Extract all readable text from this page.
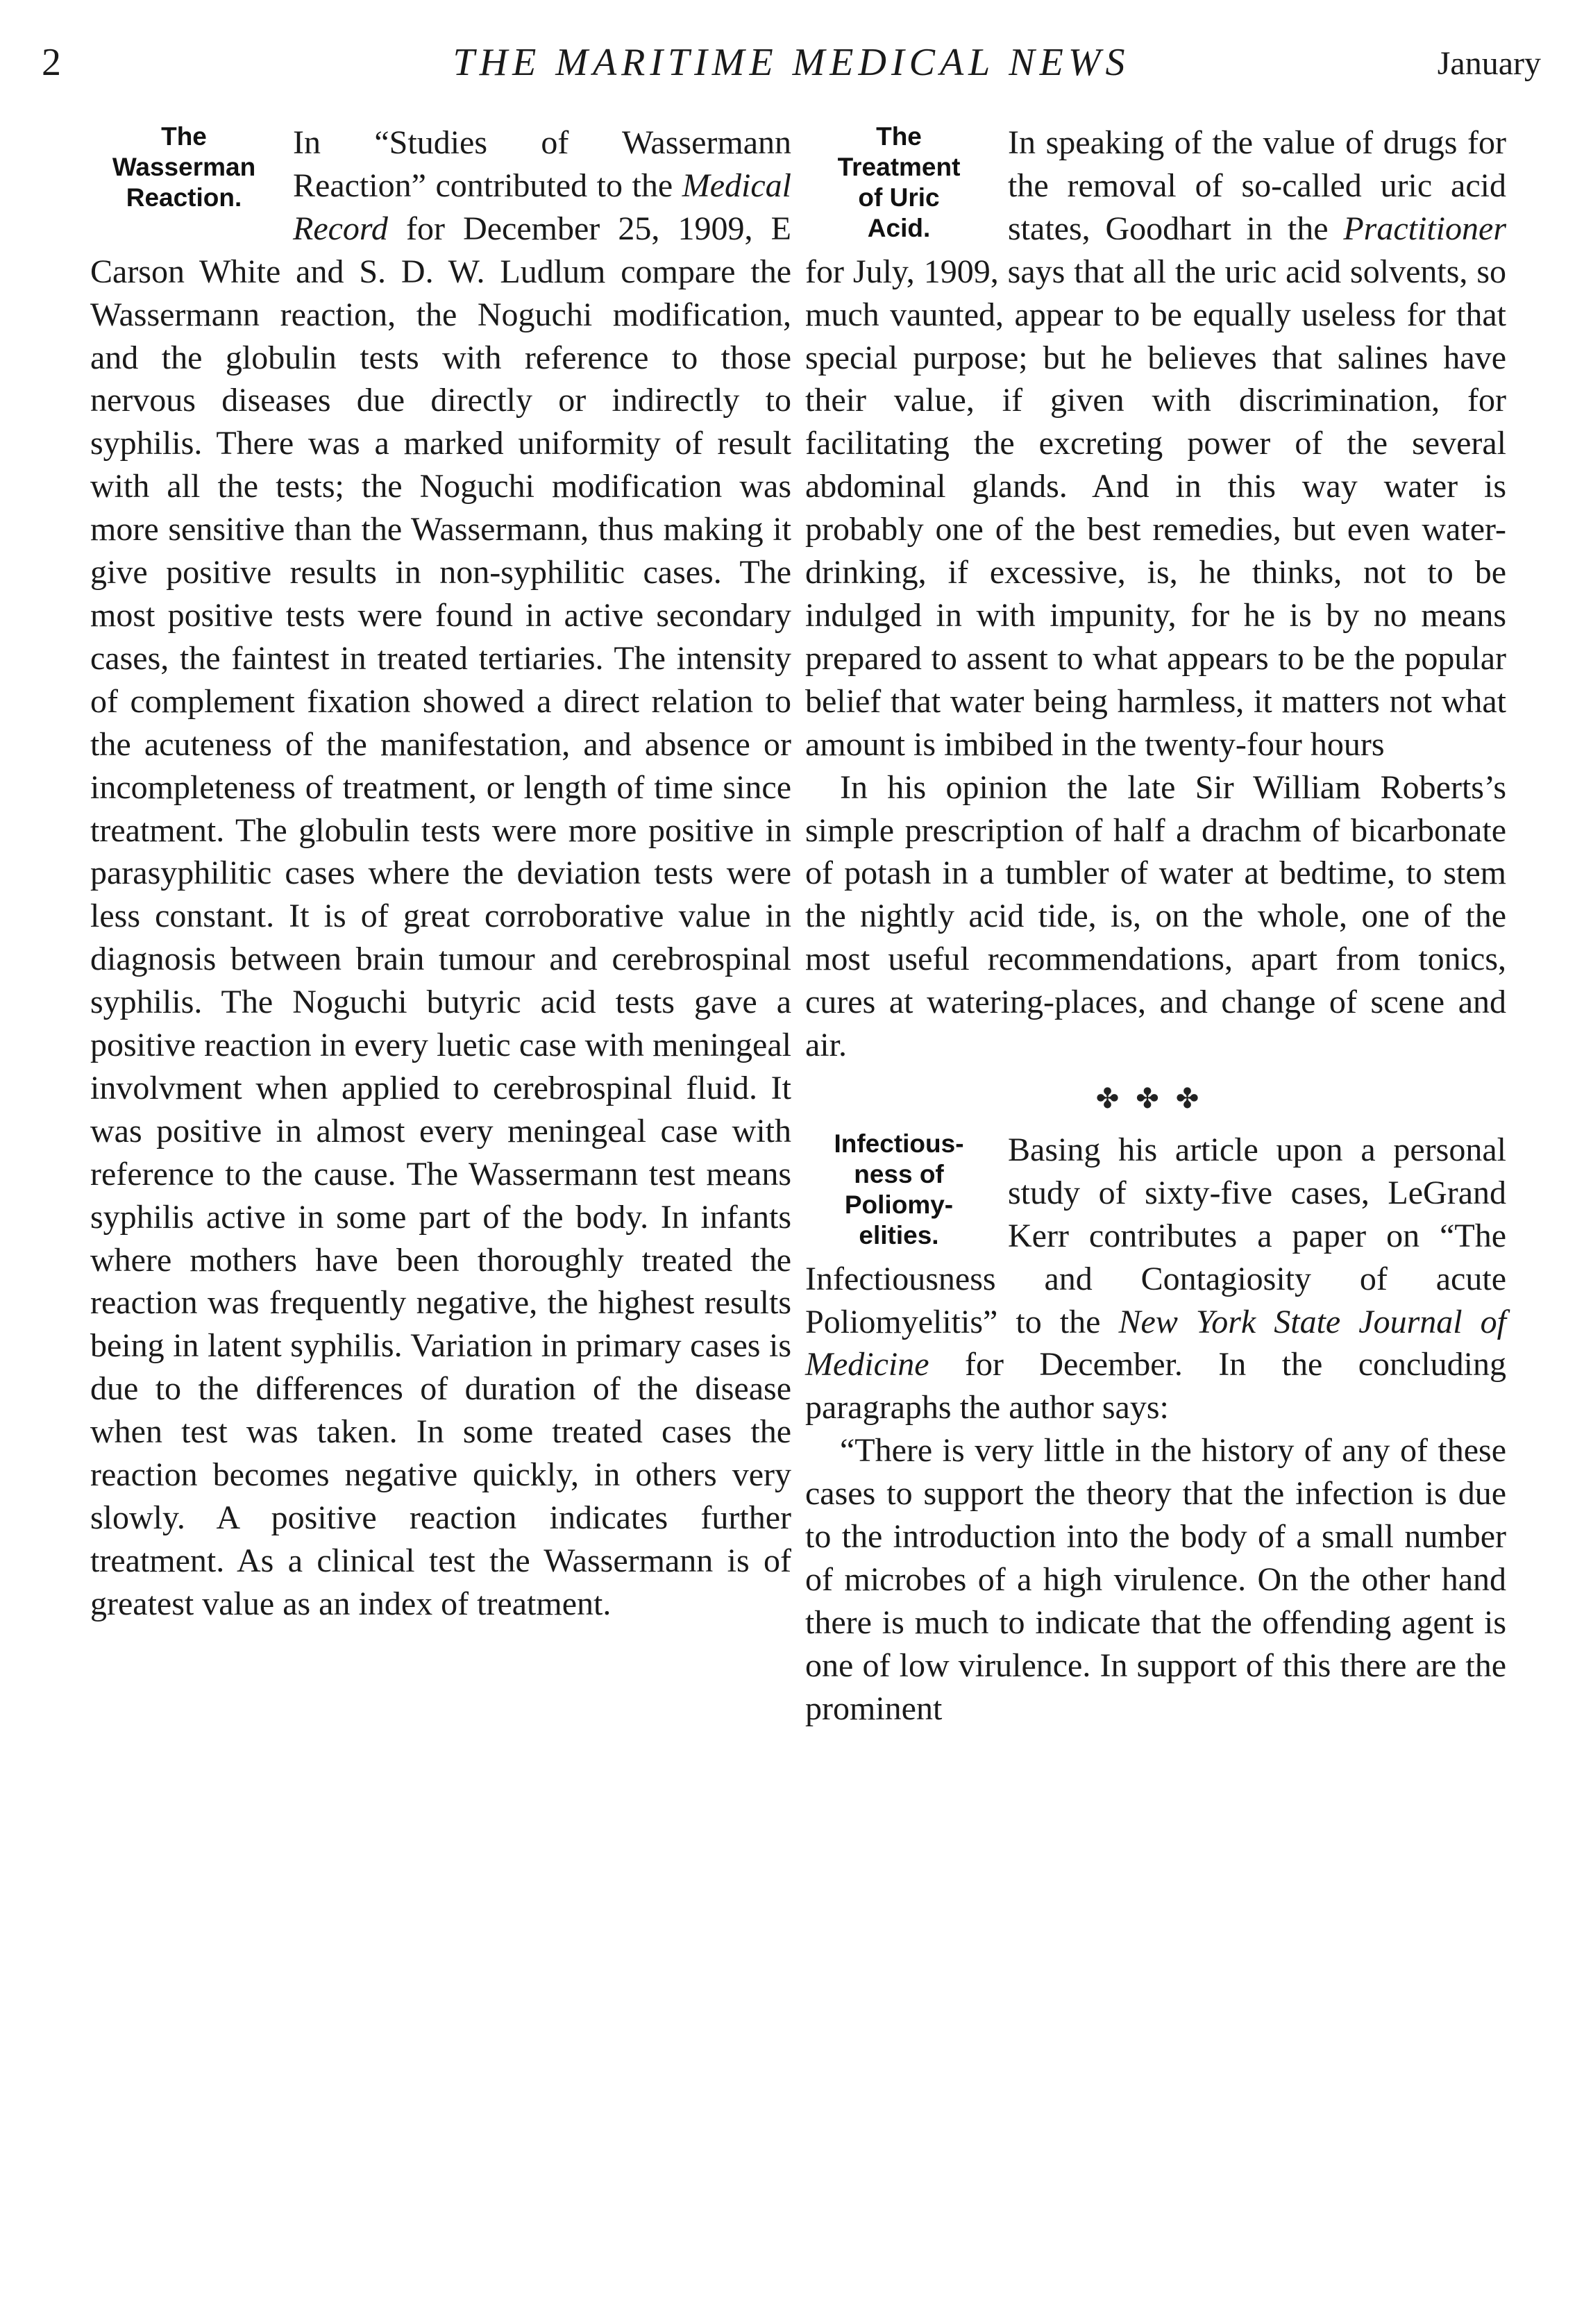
2	THE MARITIME MEDICAL NEWS	January

The
Wasserman
Reaction.
In “Studies of Wassermann Reaction” contributed to the Medical Record for December 25, 1909, E Carson White and S. D. W. Ludlum compare the Wassermann reaction, the Noguchi modification, and the globulin tests with reference to those nervous diseases due directly or indirectly to syphilis. There was a marked uniformity of result with all the tests; the Noguchi modification was more sensitive than the Wassermann, thus making it give positive results in non-syphilitic cases. The most positive tests were found in active secondary cases, the faintest in treated tertiaries. The intensity of complement fixation showed a direct relation to the acuteness of the manifestation, and absence or incompleteness of treatment, or length of time since treatment. The globulin tests were more positive in parasyphilitic cases where the deviation tests were less constant. It is of great corroborative value in diagnosis between brain tumour and cerebrospinal syphilis. The Noguchi butyric acid tests gave a positive reaction in every luetic case with meningeal involvment when applied to cerebrospinal fluid. It was positive in almost every meningeal case with reference to the cause. The Wassermann test means syphilis active in some part of the body. In infants where mothers have been thoroughly treated the reaction was frequently negative, the highest results being in latent syphilis. Variation in primary cases is due to the differences of duration of the disease when test was taken. In some treated cases the reaction becomes negative quickly, in others very slowly. A positive reaction indicates further treatment. As a clinical test the Wassermann is of greatest value as an index of treatment.

The
Treatment
of Uric
Acid.
In speaking of the value of drugs for the removal of so-called uric acid states, Goodhart in the Practitioner for July, 1909, says that all the uric acid solvents, so much vaunted, appear to be equally useless for that special purpose; but he believes that salines have their value, if given with discrimination, for facilitating the excreting power of the several abdominal glands. And in this way water is probably one of the best remedies, but even water-drinking, if excessive, is, he thinks, not to be indulged in with impunity, for he is by no means prepared to assent to what appears to be the popular belief that water being harmless, it matters not what amount is imbibed in the twenty-four hours

In his opinion the late Sir William Roberts’s simple prescription of half a drachm of bicarbonate of potash in a tumbler of water at bedtime, to stem the nightly acid tide, is, on the whole, one of the most useful recommendations, apart from tonics, cures at watering-places, and change of scene and air.

✤✤✤

Infectious-
ness of
Poliomy-
elities.
Basing his article upon a personal study of sixty-five cases, LeGrand Kerr contributes a paper on “The Infectiousness and Contagiosity of acute Poliomyelitis” to the New York State Journal of Medicine for December. In the concluding paragraphs the author says:

“There is very little in the history of any of these cases to support the theory that the infection is due to the introduction into the body of a small number of microbes of a high virulence. On the other hand there is much to indicate that the offending agent is one of low virulence. In support of this there are the prominent
